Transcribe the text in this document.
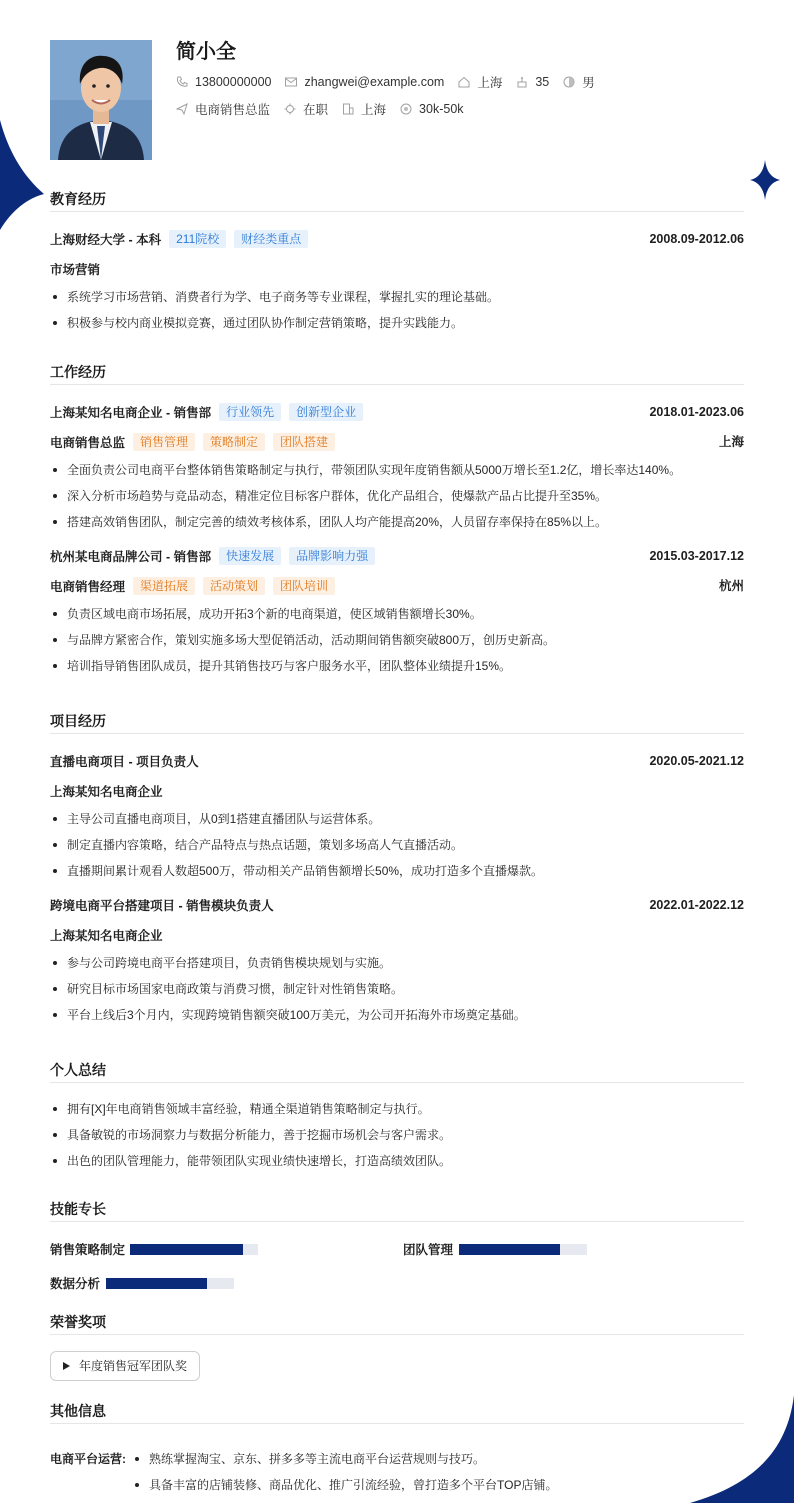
简小全
13800000000	zhangwei@example.com	上海	35	男
电商销售总监	在职	上海	30k-50k
教育经历
上海财经大学 - 本科	211院校	财经类重点	2008.09-2012.06
市场营销
系统学习市场营销、消费者行为学、电子商务等专业课程，掌握扎实的理论基础。
积极参与校内商业模拟竞赛，通过团队协作制定营销策略，提升实践能力。
工作经历
上海某知名电商企业 - 销售部	行业领先	创新型企业	2018.01-2023.06
电商销售总监	销售管理	策略制定	团队搭建	上海
全面负责公司电商平台整体销售策略制定与执行，带领团队实现年度销售额从5000万增长至1.2亿，增长率达140%。
深入分析市场趋势与竞品动态，精准定位目标客户群体，优化产品组合，使爆款产品占比提升至35%。
搭建高效销售团队，制定完善的绩效考核体系，团队人均产能提高20%，人员留存率保持在85%以上。
杭州某电商品牌公司 - 销售部	快速发展	品牌影响力强	2015.03-2017.12
电商销售经理	渠道拓展	活动策划	团队培训	杭州
负责区域电商市场拓展，成功开拓3个新的电商渠道，使区域销售额增长30%。
与品牌方紧密合作，策划实施多场大型促销活动，活动期间销售额突破800万，创历史新高。
培训指导销售团队成员，提升其销售技巧与客户服务水平，团队整体业绩提升15%。
项目经历
直播电商项目 - 项目负责人	2020.05-2021.12
上海某知名电商企业
主导公司直播电商项目，从0到1搭建直播团队与运营体系。
制定直播内容策略，结合产品特点与热点话题，策划多场高人气直播活动。
直播期间累计观看人数超500万，带动相关产品销售额增长50%，成功打造多个直播爆款。
跨境电商平台搭建项目 - 销售模块负责人	2022.01-2022.12
上海某知名电商企业
参与公司跨境电商平台搭建项目，负责销售模块规划与实施。
研究目标市场国家电商政策与消费习惯，制定针对性销售策略。
平台上线后3个月内，实现跨境销售额突破100万美元，为公司开拓海外市场奠定基础。
个人总结
拥有[X]年电商销售领域丰富经验，精通全渠道销售策略制定与执行。
具备敏锐的市场洞察力与数据分析能力，善于挖掘市场机会与客户需求。
出色的团队管理能力，能带领团队实现业绩快速增长，打造高绩效团队。
技能专长
销售策略制定	团队管理
数据分析
荣誉奖项
年度销售冠军团队奖
其他信息
电商平台运营:	熟练掌握淘宝、京东、拼多多等主流电商平台运营规则与技巧。
具备丰富的店铺装修、商品优化、推广引流经验，曾打造多个平台TOP店铺。
